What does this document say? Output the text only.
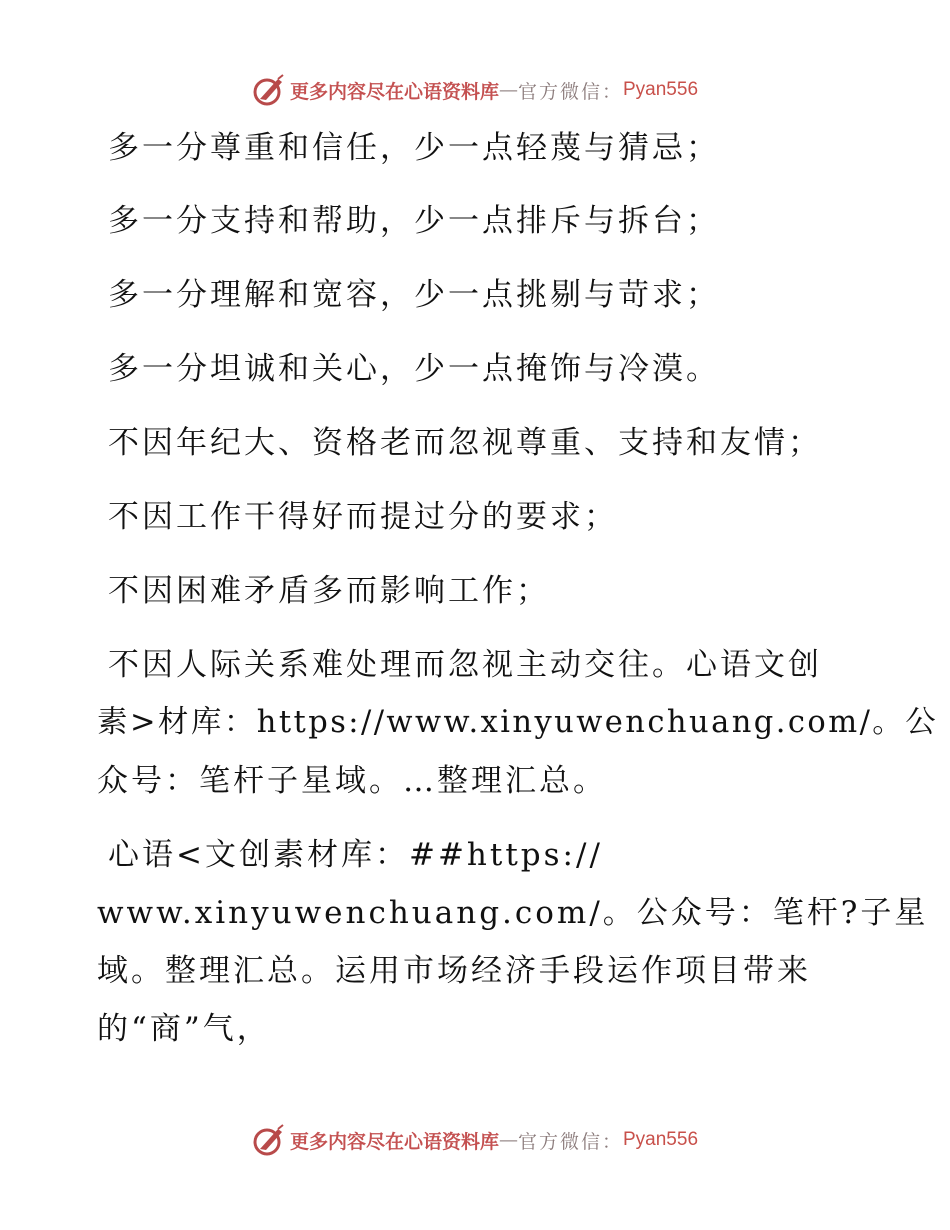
更多内容尽在心语资料库 — 官方微信： Pyan556
多一分尊重和信任，少一点轻蔑与猜忌；
多一分支持和帮助，少一点排斥与拆台；
多一分理解和宽容，少一点挑剔与苛求；
多一分坦诚和关心，少一点掩饰与冷漠。
不因年纪大、资格老而忽视尊重、支持和友情；
不因工作干得好而提过分的要求；
不因困难矛盾多而影响工作；
不因人际关系难处理而忽视主动交往。心语文创
素>材库：https://www.xinyuwenchuang.com/。公
众号：笔杆子星域。…整理汇总。
心语<文创素材库：##https://
www.xinyuwenchuang.com/。公众号：笔杆?子星
域。整理汇总。运用市场经济手段运作项目带来
的“商”气，
更多内容尽在心语资料库 — 官方微信： Pyan556
